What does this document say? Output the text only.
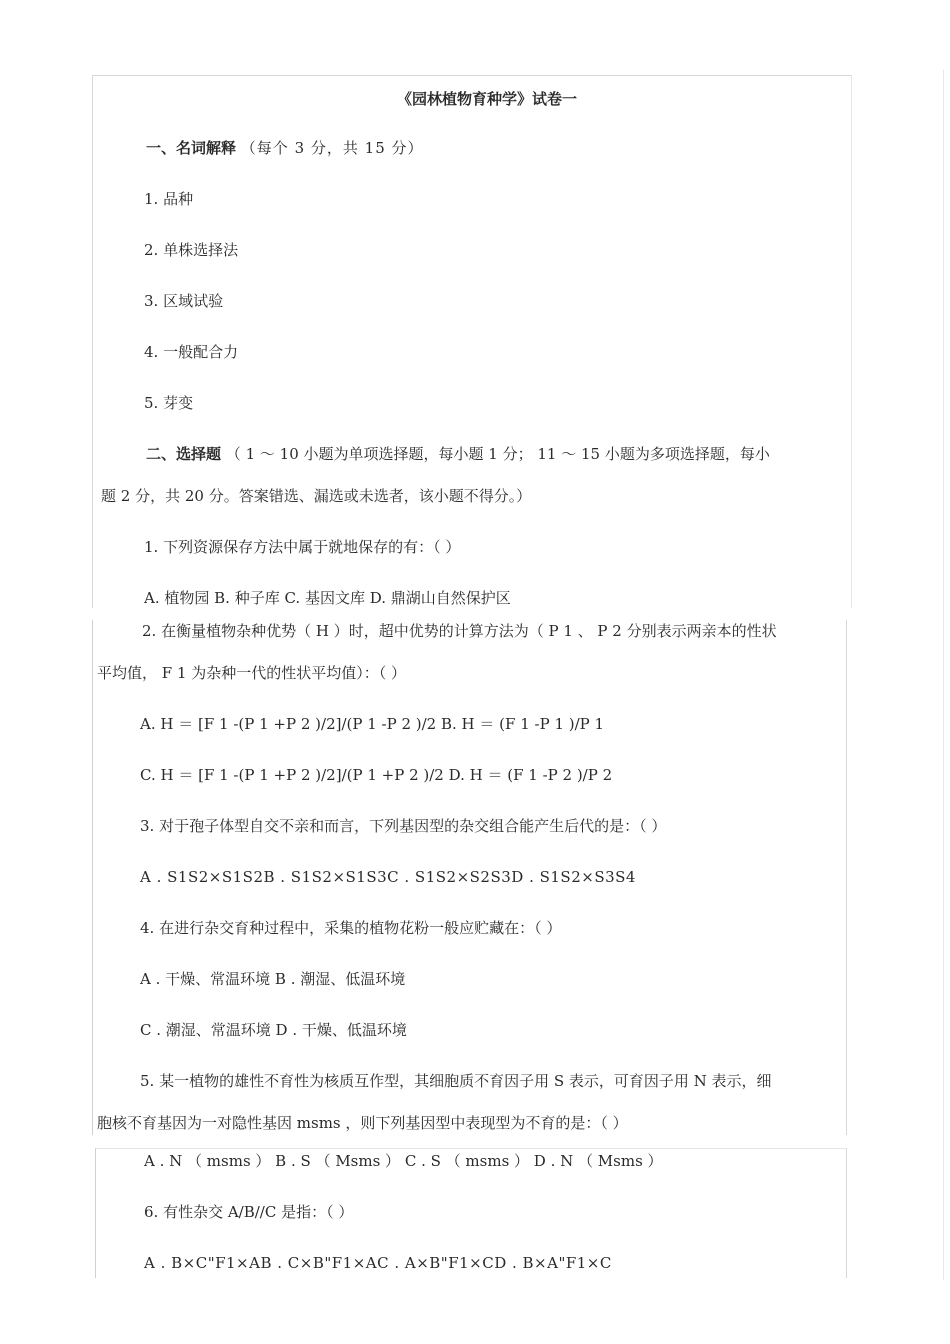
《园林植物育种学》试卷一
一、名词解释 （每个 3 分，共 15 分）
1. 品种
2. 单株选择法
3. 区域试验
4. 一般配合力
5. 芽变
二、选择题 （ 1 ～ 10 小题为单项选择题，每小题 1 分； 11 ～ 15 小题为多项选择题，每小
题 2 分，共 20 分。答案错选、漏选或未选者，该小题不得分。）
1. 下列资源保存方法中属于就地保存的有：（ ）
A. 植物园 B. 种子库 C. 基因文库 D. 鼎湖山自然保护区
2. 在衡量植物杂种优势（ H ）时，超中优势的计算方法为（ P 1 、 P 2 分别表示两亲本的性状
平均值， F 1 为杂种一代的性状平均值）：（ ）
A. H ＝ [F 1 -(P 1 +P 2 )/2]/(P 1 -P 2 )/2 B. H ＝ (F 1 -P 1 )/P 1
C. H ＝ [F 1 -(P 1 +P 2 )/2]/(P 1 +P 2 )/2 D. H ＝ (F 1 -P 2 )/P 2
3. 对于孢子体型自交不亲和而言，下列基因型的杂交组合能产生后代的是：（ ）
A . S1S2×S1S2B . S1S2×S1S3C . S1S2×S2S3D . S1S2×S3S4
4. 在进行杂交育种过程中，采集的植物花粉一般应贮藏在：（ ）
A . 干燥、常温环境 B . 潮湿、低温环境
C . 潮湿、常温环境 D . 干燥、低温环境
5. 某一植物的雄性不育性为核质互作型，其细胞质不育因子用 S 表示，可育因子用 N 表示，细
胞核不育基因为一对隐性基因 msms ，则下列基因型中表现型为不育的是：（ ）
A . N （ msms ） B . S （ Msms ） C . S （ msms ） D . N （ Msms ）
6. 有性杂交 A/B//C 是指：（ ）
A . B×C"F1×AB . C×B"F1×AC . A×B"F1×CD . B×A"F1×C
